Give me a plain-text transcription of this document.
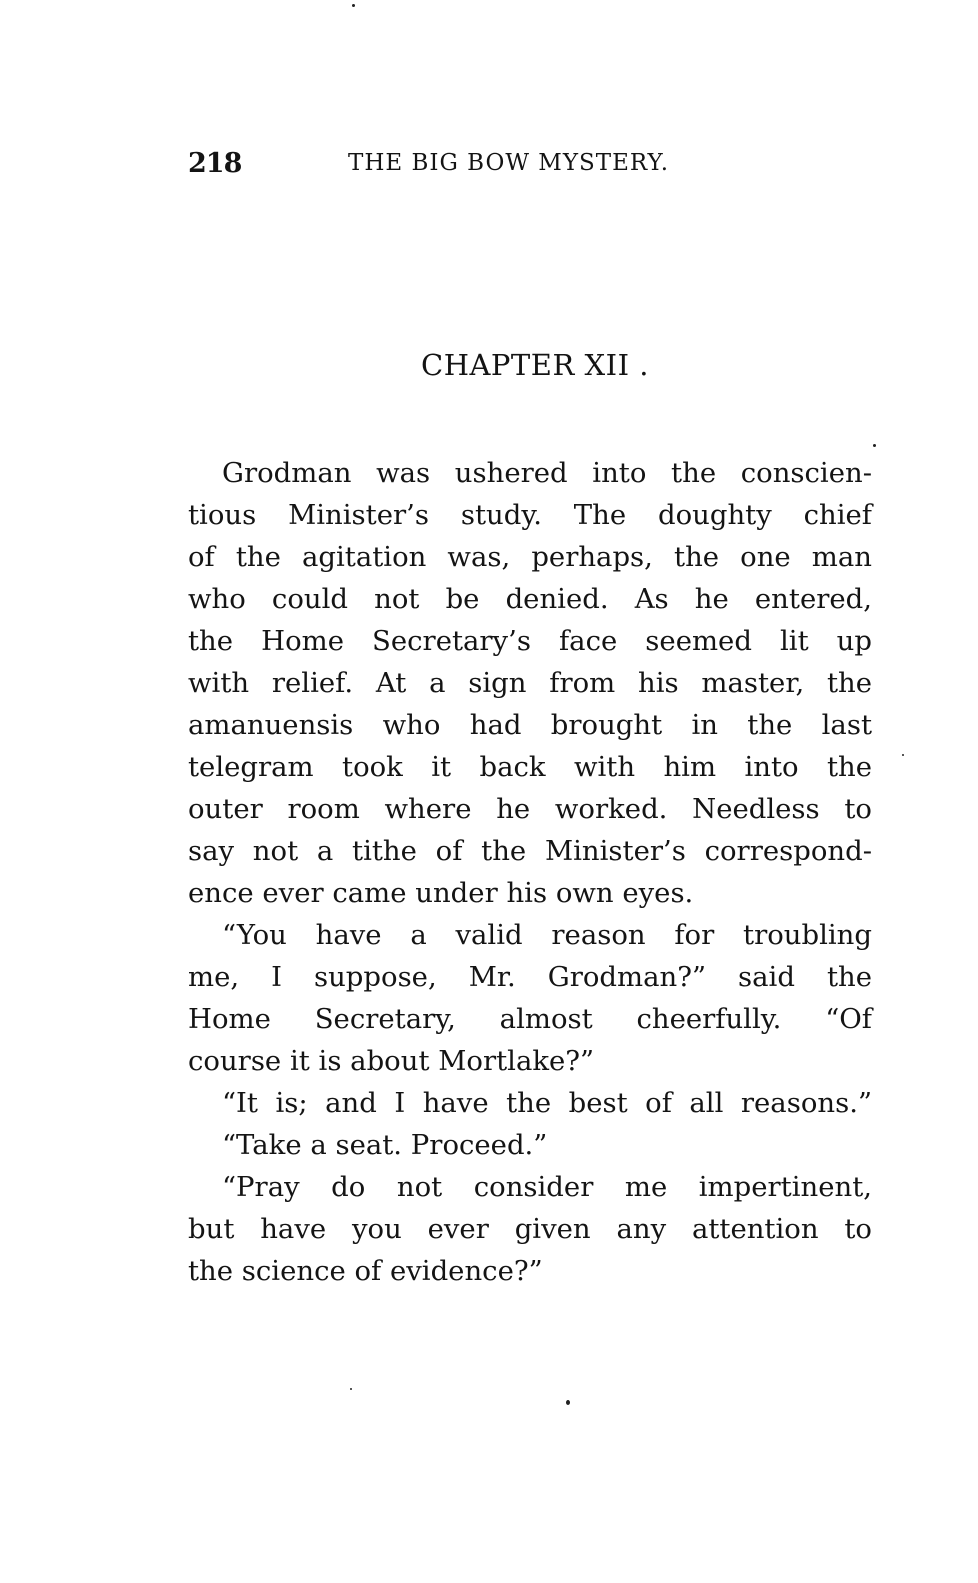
218	THE BIG BOW MYSTERY.
CHAPTER XII .
Grodman was ushered into the conscien-
tious Minister’s study. The doughty chief
of the agitation was, perhaps, the one man
who could not be denied. As he entered,
the Home Secretary’s face seemed lit up
with relief. At a sign from his master, the
amanuensis who had brought in the last
telegram took it back with him into the
outer room where he worked. Needless to
say not a tithe of the Minister’s correspond-
ence ever came under his own eyes.
“You have a valid reason for troubling
me, I suppose, Mr. Grodman?” said the
Home Secretary, almost cheerfully. “Of
course it is about Mortlake?”
“It is; and I have the best of all reasons.”
“Take a seat. Proceed.”
“Pray do not consider me impertinent,
but have you ever given any attention to
the science of evidence?”
